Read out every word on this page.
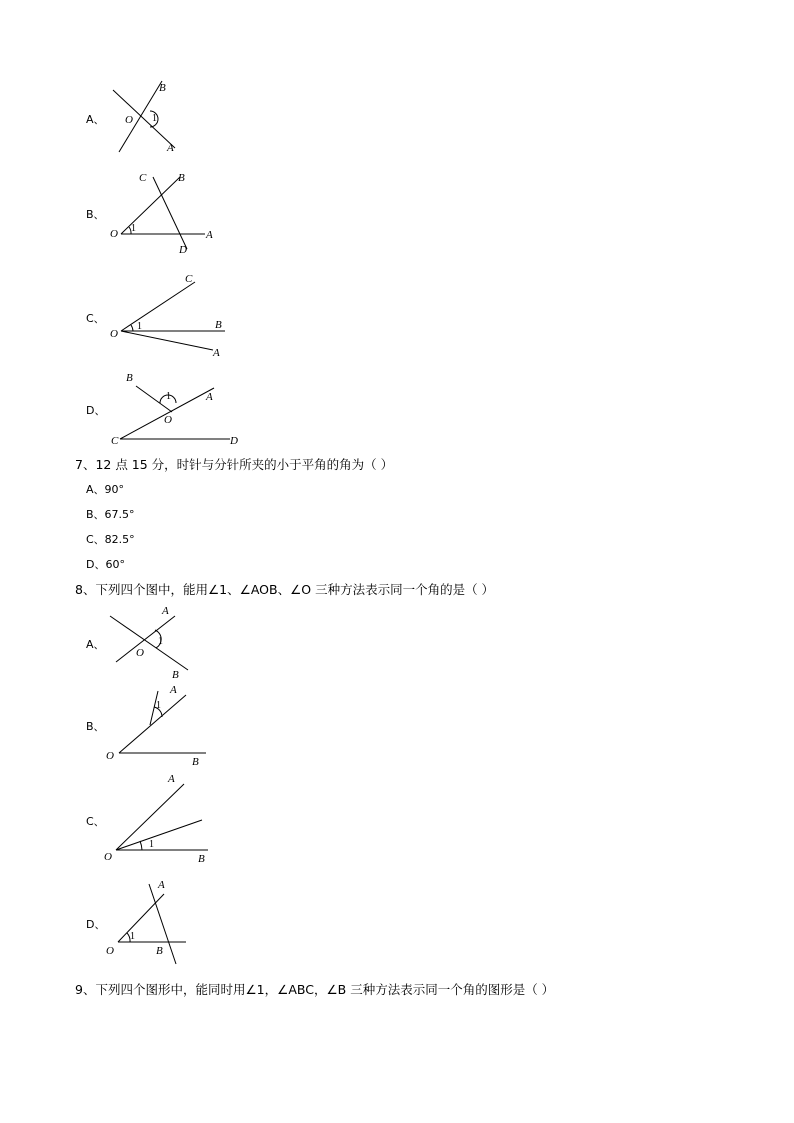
A、
B
O
A
1
B、
C	B
O	A
D
1
C、
C
O
B
A
1
D、
B
A
O
C	D
1
7、12 点 15 分，时针与分针所夹的小于平角的角为（ ）
A、90°
B、67.5°
C、82.5°
D、60°
8、下列四个图中，能用∠1、∠AOB、∠O 三种方法表示同一个角的是（ ）
A、
A
1
O
B
B、
A
1
O	B
C、
A
1
O	B
D、
A
1
O	B
9、下列四个图形中，能同时用∠1，∠ABC，∠B 三种方法表示同一个角的图形是（ ）
